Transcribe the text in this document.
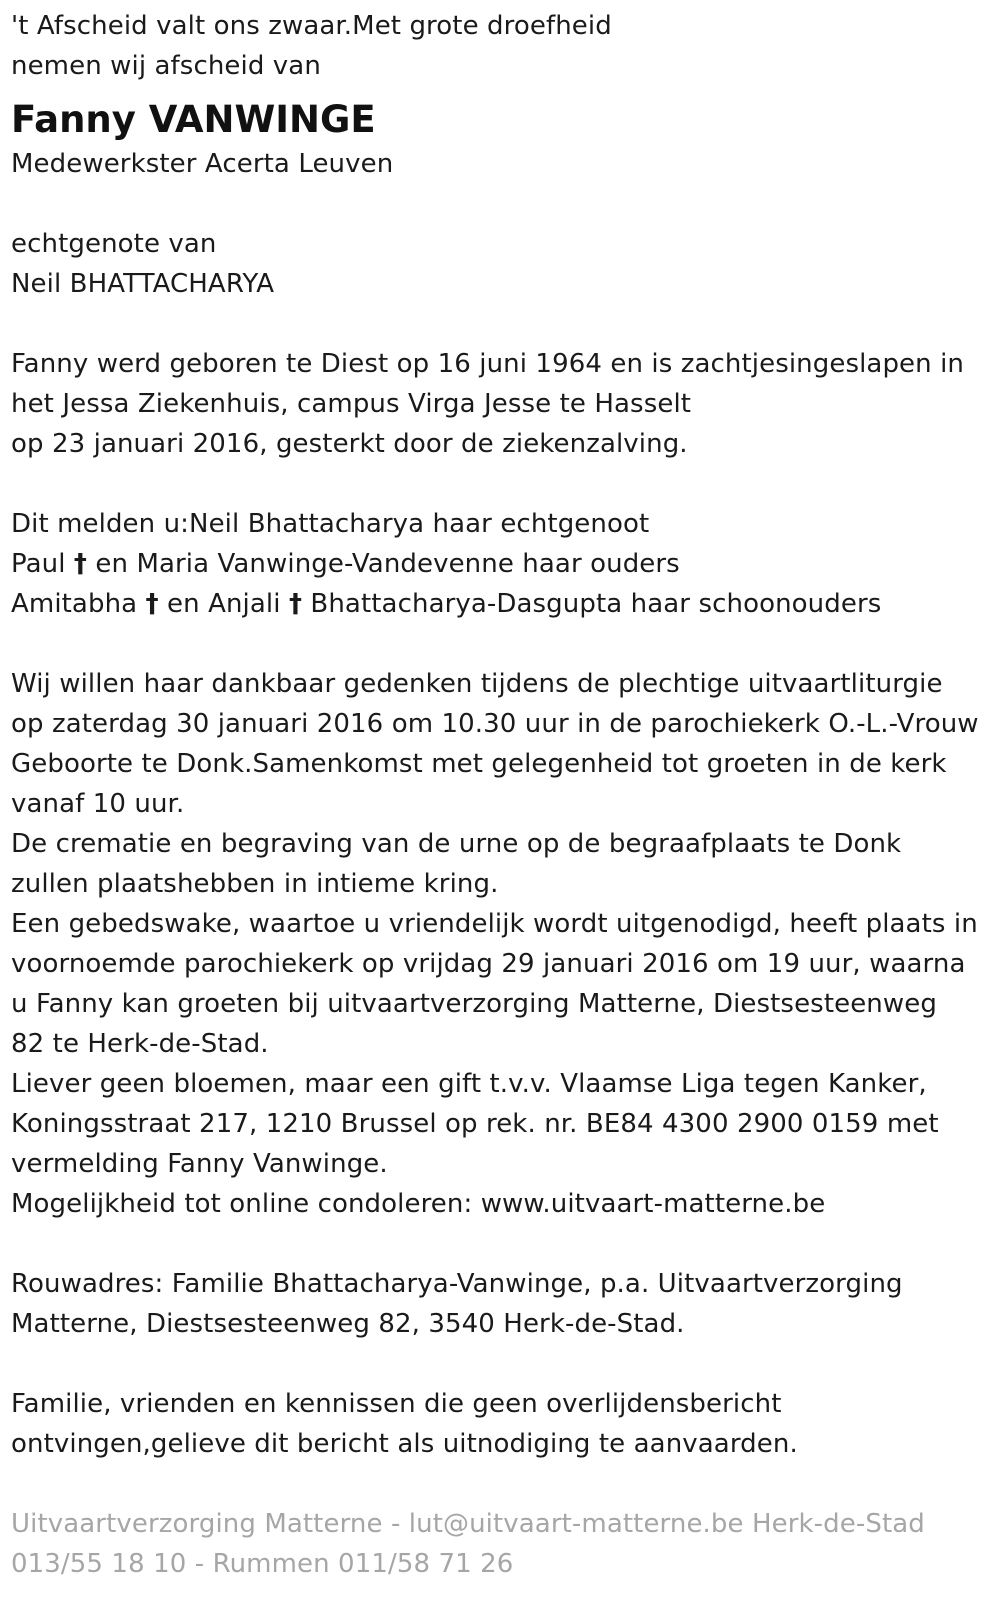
't Afscheid valt ons zwaar.Met grote droefheid

nemen wij afscheid van

Fanny VANWINGE

Medewerkster Acerta Leuven

echtgenote van

Neil BHATTACHARYA

Fanny werd geboren te Diest op 16 juni 1964 en is zachtjesingeslapen in

het Jessa Ziekenhuis, campus Virga Jesse te Hasselt

op 23 januari 2016, gesterkt door de ziekenzalving.

Dit melden u:Neil Bhattacharya haar echtgenoot

Paul † en Maria Vanwinge-Vandevenne haar ouders

Amitabha † en Anjali † Bhattacharya-Dasgupta haar schoonouders

Wij willen haar dankbaar gedenken tijdens de plechtige uitvaartliturgie

op zaterdag 30 januari 2016 om 10.30 uur in de parochiekerk O.-L.-Vrouw

Geboorte te Donk.Samenkomst met gelegenheid tot groeten in de kerk

vanaf 10 uur.

De crematie en begraving van de urne op de begraafplaats te Donk

zullen plaatshebben in intieme kring.

Een gebedswake, waartoe u vriendelijk wordt uitgenodigd, heeft plaats in

voornoemde parochiekerk op vrijdag 29 januari 2016 om 19 uur, waarna

u Fanny kan groeten bij uitvaartverzorging Matterne, Diestsesteenweg

82 te Herk-de-Stad.

Liever geen bloemen, maar een gift t.v.v. Vlaamse Liga tegen Kanker,

Koningsstraat 217, 1210 Brussel op rek. nr. BE84 4300 2900 0159 met

vermelding Fanny Vanwinge.

Mogelijkheid tot online condoleren: www.uitvaart-matterne.be

Rouwadres: Familie Bhattacharya-Vanwinge, p.a. Uitvaartverzorging

Matterne, Diestsesteenweg 82, 3540 Herk-de-Stad.

Familie, vrienden en kennissen die geen overlijdensbericht

ontvingen,gelieve dit bericht als uitnodiging te aanvaarden.

Uitvaartverzorging Matterne - lut@uitvaart-matterne.be Herk-de-Stad

013/55 18 10 - Rummen 011/58 71 26
